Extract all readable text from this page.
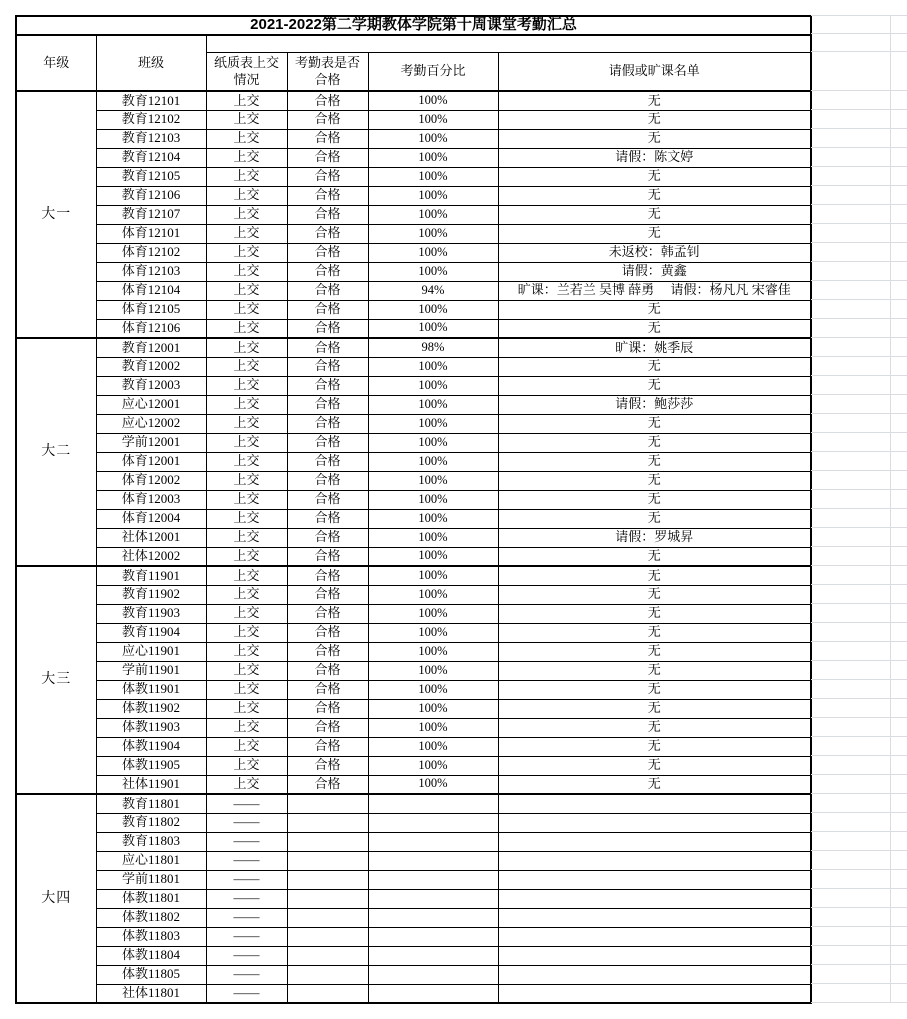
2021-2022第二学期教体学院第十周课堂考勤汇总					
年级	班级				
		纸质表上交情况	考勤表是否合格	考勤百分比	请假或旷课名单
大一	教育12101	上交	合格	100%	无
	教育12102	上交	合格	100%	无
	教育12103	上交	合格	100%	无
	教育12104	上交	合格	100%	请假：陈文婷
	教育12105	上交	合格	100%	无
	教育12106	上交	合格	100%	无
	教育12107	上交	合格	100%	无
	体育12101	上交	合格	100%	无
	体育12102	上交	合格	100%	未返校：韩孟钊
	体育12103	上交	合格	100%	请假：黄鑫
	体育12104	上交	合格	94%	旷课：兰若兰 吴博 薛勇　 请假：杨凡凡 宋睿佳
	体育12105	上交	合格	100%	无
	体育12106	上交	合格	100%	无
大二	教育12001	上交	合格	98%	旷课：姚季辰
	教育12002	上交	合格	100%	无
	教育12003	上交	合格	100%	无
	应心12001	上交	合格	100%	请假：鲍莎莎
	应心12002	上交	合格	100%	无
	学前12001	上交	合格	100%	无
	体育12001	上交	合格	100%	无
	体育12002	上交	合格	100%	无
	体育12003	上交	合格	100%	无
	体育12004	上交	合格	100%	无
	社体12001	上交	合格	100%	请假：罗城昇
	社体12002	上交	合格	100%	无
大三	教育11901	上交	合格	100%	无
	教育11902	上交	合格	100%	无
	教育11903	上交	合格	100%	无
	教育11904	上交	合格	100%	无
	应心11901	上交	合格	100%	无
	学前11901	上交	合格	100%	无
	体教11901	上交	合格	100%	无
	体教11902	上交	合格	100%	无
	体教11903	上交	合格	100%	无
	体教11904	上交	合格	100%	无
	体教11905	上交	合格	100%	无
	社体11901	上交	合格	100%	无
大四	教育11801	——			
	教育11802	——			
	教育11803	——			
	应心11801	——			
	学前11801	——			
	体教11801	——			
	体教11802	——			
	体教11803	——			
	体教11804	——			
	体教11805	——			
	社体11801	——			
